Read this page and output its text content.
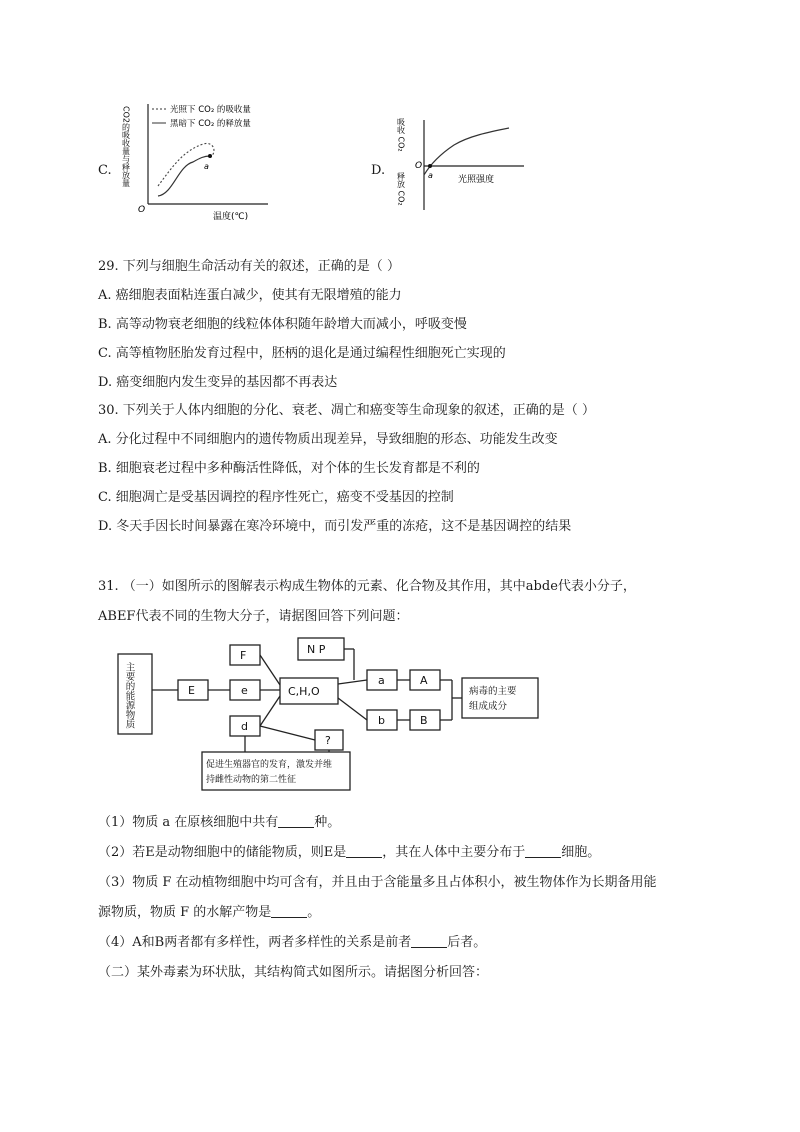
C. CO2的吸收量与释放量
O
光照下 CO₂ 的吸收量
黑暗下 CO₂ 的释放量
a
温度(℃)
D.
吸收 CO₂
释放 CO₂
O
a	光照强度
29. 下列与细胞生命活动有关的叙述，正确的是（ ）
A. 癌细胞表面粘连蛋白减少，使其有无限增殖的能力
B. 高等动物衰老细胞的线粒体体积随年龄增大而减小，呼吸变慢
C. 高等植物胚胎发育过程中，胚柄的退化是通过编程性细胞死亡实现的
D. 癌变细胞内发生变异的基因都不再表达
30. 下列关于人体内细胞的分化、衰老、凋亡和癌变等生命现象的叙述，正确的是（ ）
A. 分化过程中不同细胞内的遗传物质出现差异，导致细胞的形态、功能发生改变
B. 细胞衰老过程中多种酶活性降低，对个体的生长发育都是不利的
C. 细胞凋亡是受基因调控的程序性死亡，癌变不受基因的控制
D. 冬天手因长时间暴露在寒冷环境中，而引发严重的冻疮，这不是基因调控的结果
31. （一）如图所示的图解表示构成生物体的元素、化合物及其作用，其中abde代表小分子，
ABEF代表不同的生物大分子，请据图回答下列问题：
主要的能源物质	E	e
F
d
N P
C,H,O
?
a	A
b	B
病毒的主要
组成成分
促进生殖器官的发育，激发并维
持雌性动物的第二性征
（1）物质 a 在原核细胞中共有	种。
（2）若E是动物细胞中的储能物质，则E是	，其在人体中主要分布于	细胞。
（3）物质 F 在动植物细胞中均可含有，并且由于含能量多且占体积小，被生物体作为长期备用能
源物质，物质 F 的水解产物是	。
（4）A和B两者都有多样性，两者多样性的关系是前者	后者。
（二）某外毒素为环状肽，其结构简式如图所示。请据图分析回答：
